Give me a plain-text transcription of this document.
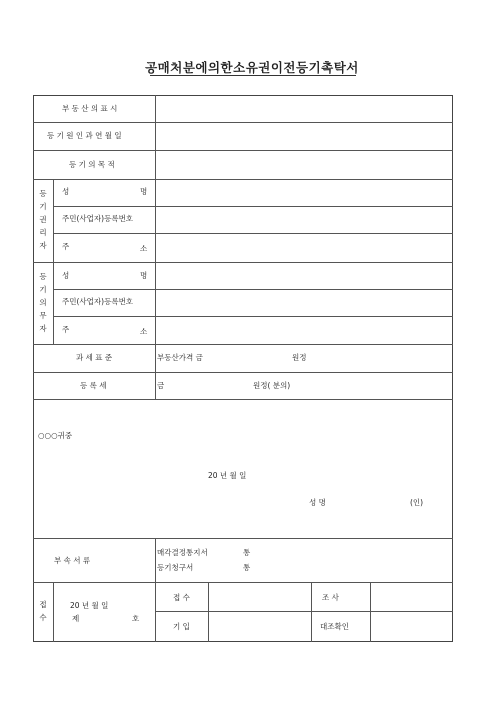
공매처분에의한소유권이전등기촉탁서
부 동 산 의 표 시
등 기 원 인 과 연 월 일
등 기 의 목 적
등
기
권
리
자
성	명
주민(사업자)등록번호
주	소
등
기
의
무
자
성	명
주민(사업자)등록번호
주	소
과 세 표 준	부동산가격 금	원정
등 록 세	금	원정( 분의)
○○○귀중
20 년 월 일
성 명	(인)
부 속 서 류
매각결정통지서	통
등기청구서	통
접
수
20 년 월 일
제	호
접 수	조 사
기 입	대조확인
